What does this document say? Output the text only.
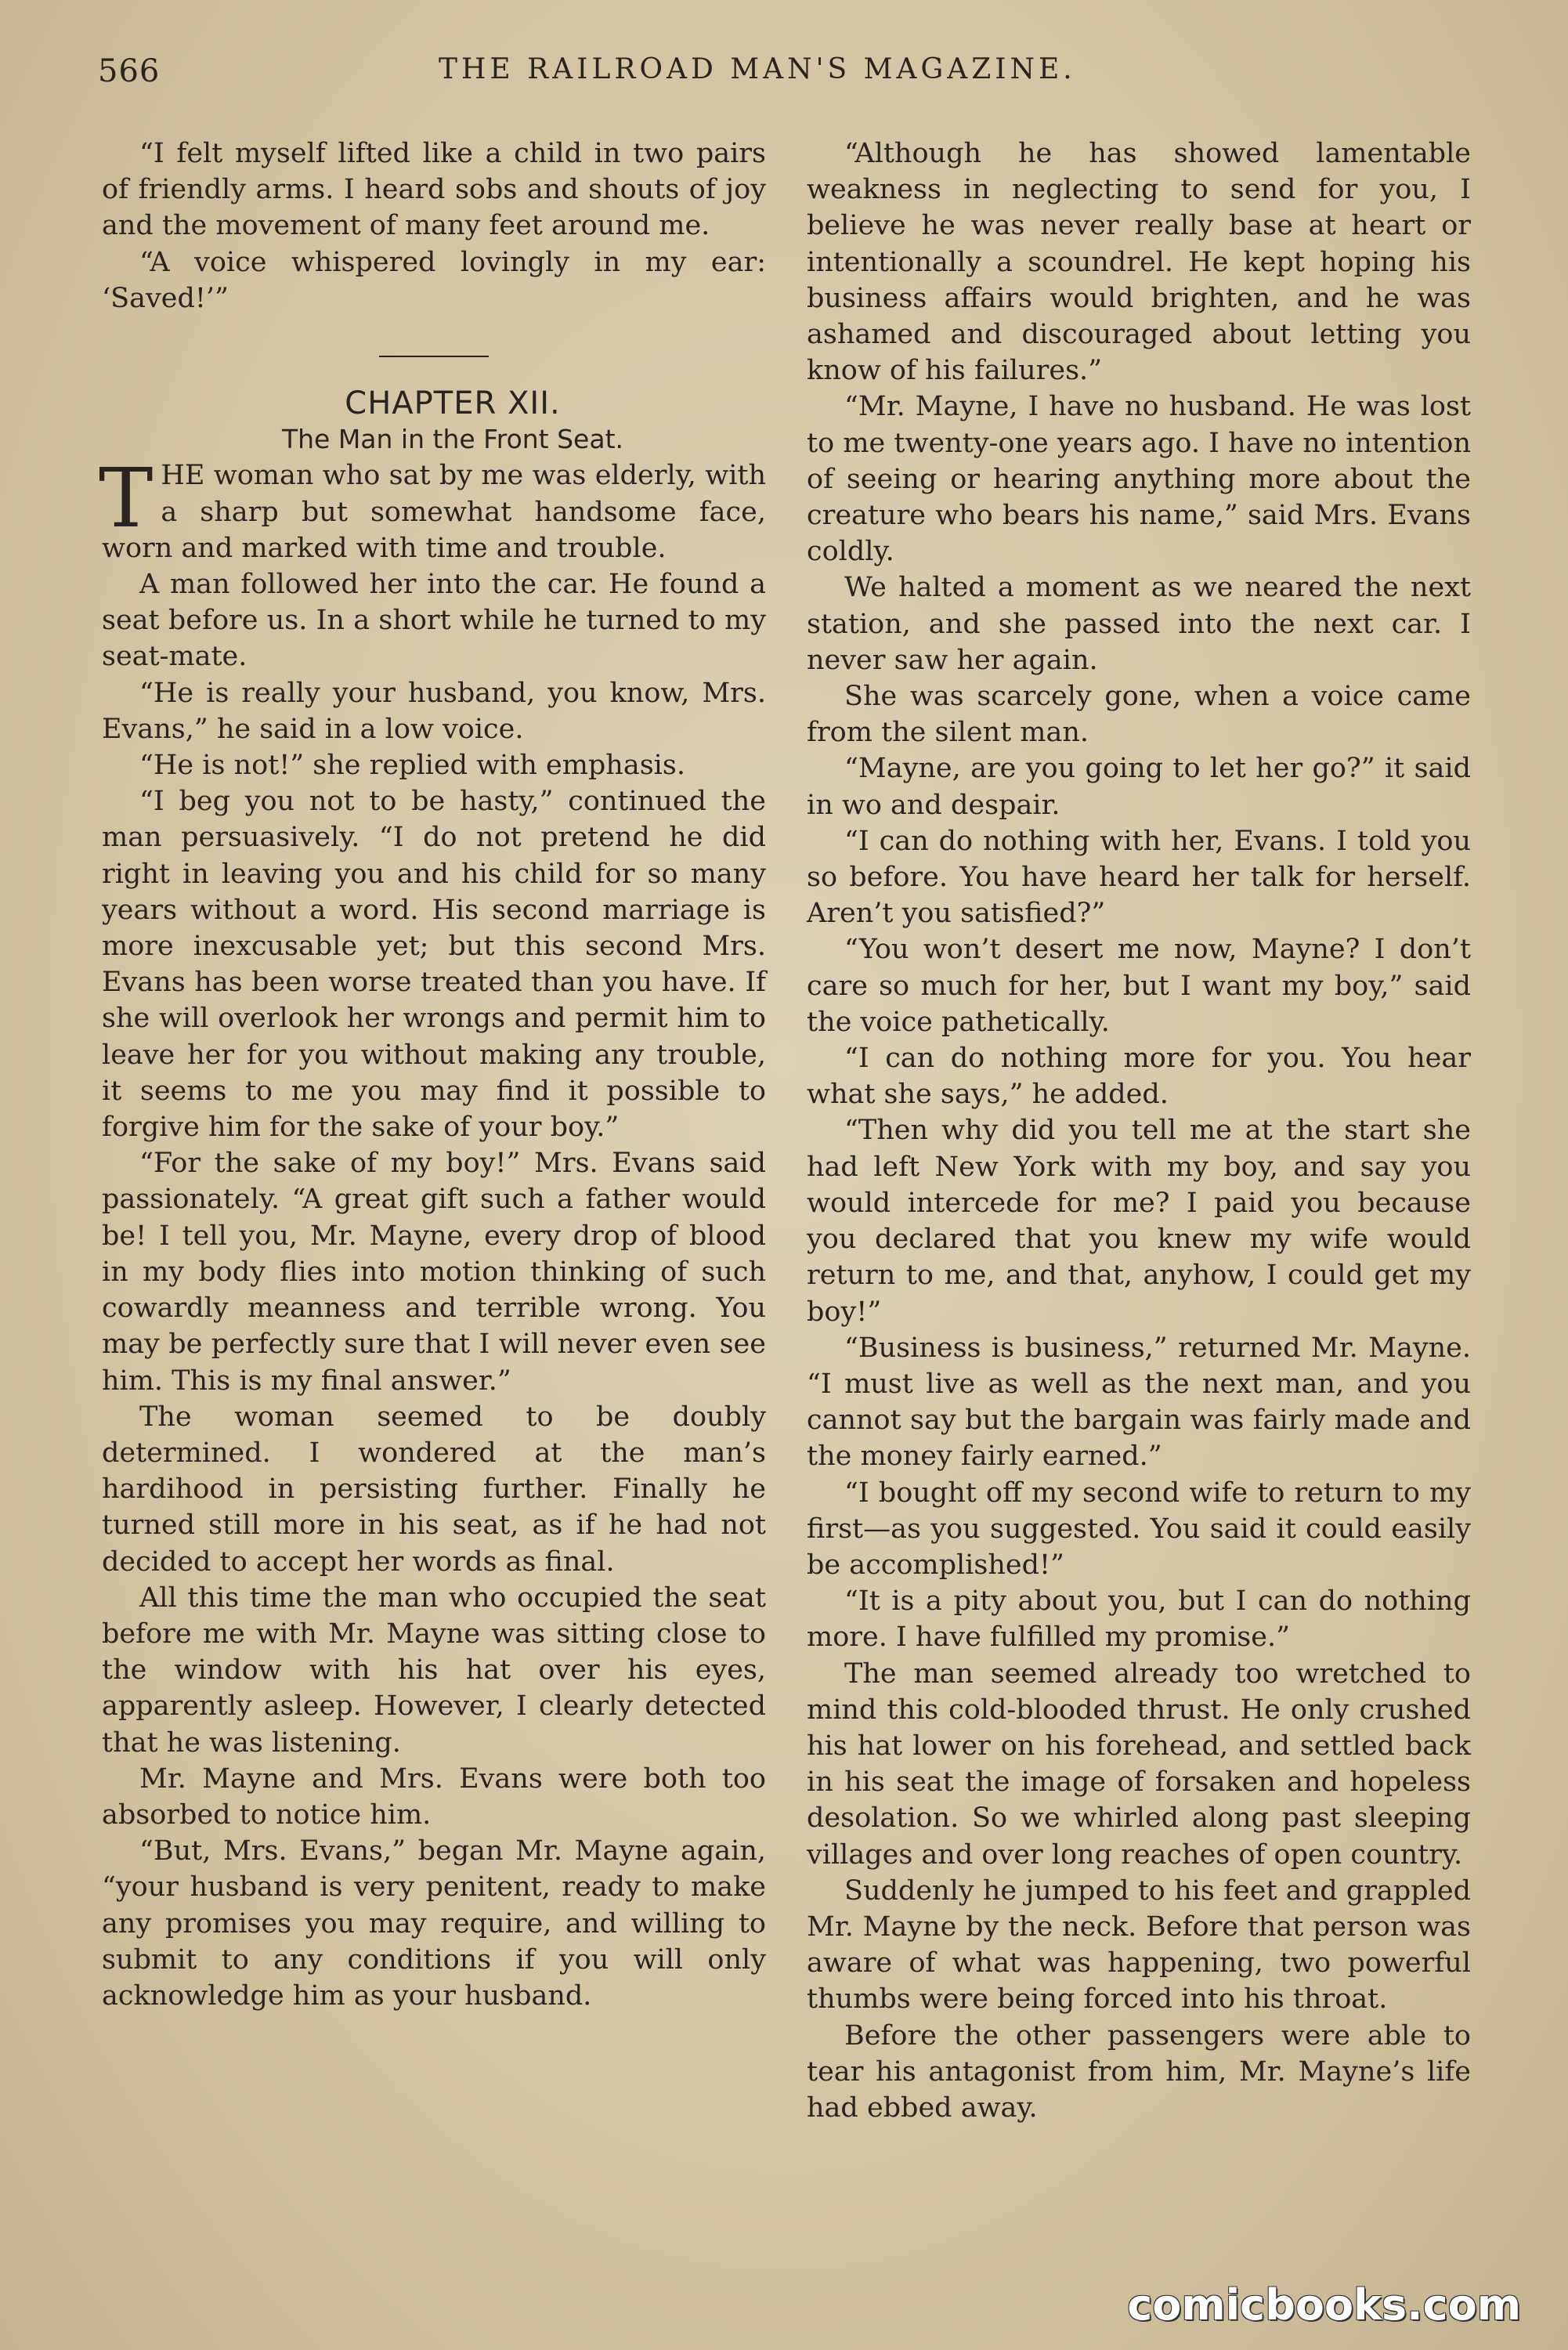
566	THE RAILROAD MAN'S MAGAZINE.

“I felt myself lifted like a child in two pairs of friendly arms. I heard sobs and shouts of joy and the movement of many feet around me.

“A voice whispered lovingly in my ear: ‘Saved!’”

CHAPTER XII.

The Man in the Front Seat.

THE woman who sat by me was elderly, with a sharp but somewhat handsome face, worn and marked with time and trouble.

A man followed her into the car. He found a seat before us. In a short while he turned to my seat-mate.

“He is really your husband, you know, Mrs. Evans,” he said in a low voice.

“He is not!” she replied with emphasis.

“I beg you not to be hasty,” continued the man persuasively. “I do not pretend he did right in leaving you and his child for so many years without a word. His second marriage is more inexcusable yet; but this second Mrs. Evans has been worse treated than you have. If she will overlook her wrongs and permit him to leave her for you without making any trouble, it seems to me you may find it possible to forgive him for the sake of your boy.”

“For the sake of my boy!” Mrs. Evans said passionately. “A great gift such a father would be! I tell you, Mr. Mayne, every drop of blood in my body flies into motion thinking of such cowardly meanness and terrible wrong. You may be perfectly sure that I will never even see him. This is my final answer.”

The woman seemed to be doubly determined. I wondered at the man’s hardihood in persisting further. Finally he turned still more in his seat, as if he had not decided to accept her words as final.

All this time the man who occupied the seat before me with Mr. Mayne was sitting close to the window with his hat over his eyes, apparently asleep. However, I clearly detected that he was listening.

Mr. Mayne and Mrs. Evans were both too absorbed to notice him.

“But, Mrs. Evans,” began Mr. Mayne again, “your husband is very penitent, ready to make any promises you may require, and willing to submit to any conditions if you will only acknowledge him as your husband.

“Although he has showed lamentable weakness in neglecting to send for you, I believe he was never really base at heart or intentionally a scoundrel. He kept hoping his business affairs would brighten, and he was ashamed and discouraged about letting you know of his failures.”

“Mr. Mayne, I have no husband. He was lost to me twenty-one years ago. I have no intention of seeing or hearing anything more about the creature who bears his name,” said Mrs. Evans coldly.

We halted a moment as we neared the next station, and she passed into the next car. I never saw her again.

She was scarcely gone, when a voice came from the silent man.

“Mayne, are you going to let her go?” it said in wo and despair.

“I can do nothing with her, Evans. I told you so before. You have heard her talk for herself. Aren’t you satisfied?”

“You won’t desert me now, Mayne? I don’t care so much for her, but I want my boy,” said the voice pathetically.

“I can do nothing more for you. You hear what she says,” he added.

“Then why did you tell me at the start she had left New York with my boy, and say you would intercede for me? I paid you because you declared that you knew my wife would return to me, and that, anyhow, I could get my boy!”

“Business is business,” returned Mr. Mayne. “I must live as well as the next man, and you cannot say but the bargain was fairly made and the money fairly earned.”

“I bought off my second wife to return to my first—as you suggested. You said it could easily be accomplished!”

“It is a pity about you, but I can do nothing more. I have fulfilled my promise.”

The man seemed already too wretched to mind this cold-blooded thrust. He only crushed his hat lower on his forehead, and settled back in his seat the image of forsaken and hopeless desolation. So we whirled along past sleeping villages and over long reaches of open country.

Suddenly he jumped to his feet and grappled Mr. Mayne by the neck. Before that person was aware of what was happening, two powerful thumbs were being forced into his throat.

Before the other passengers were able to tear his antagonist from him, Mr. Mayne’s life had ebbed away.

comicbooks.com
